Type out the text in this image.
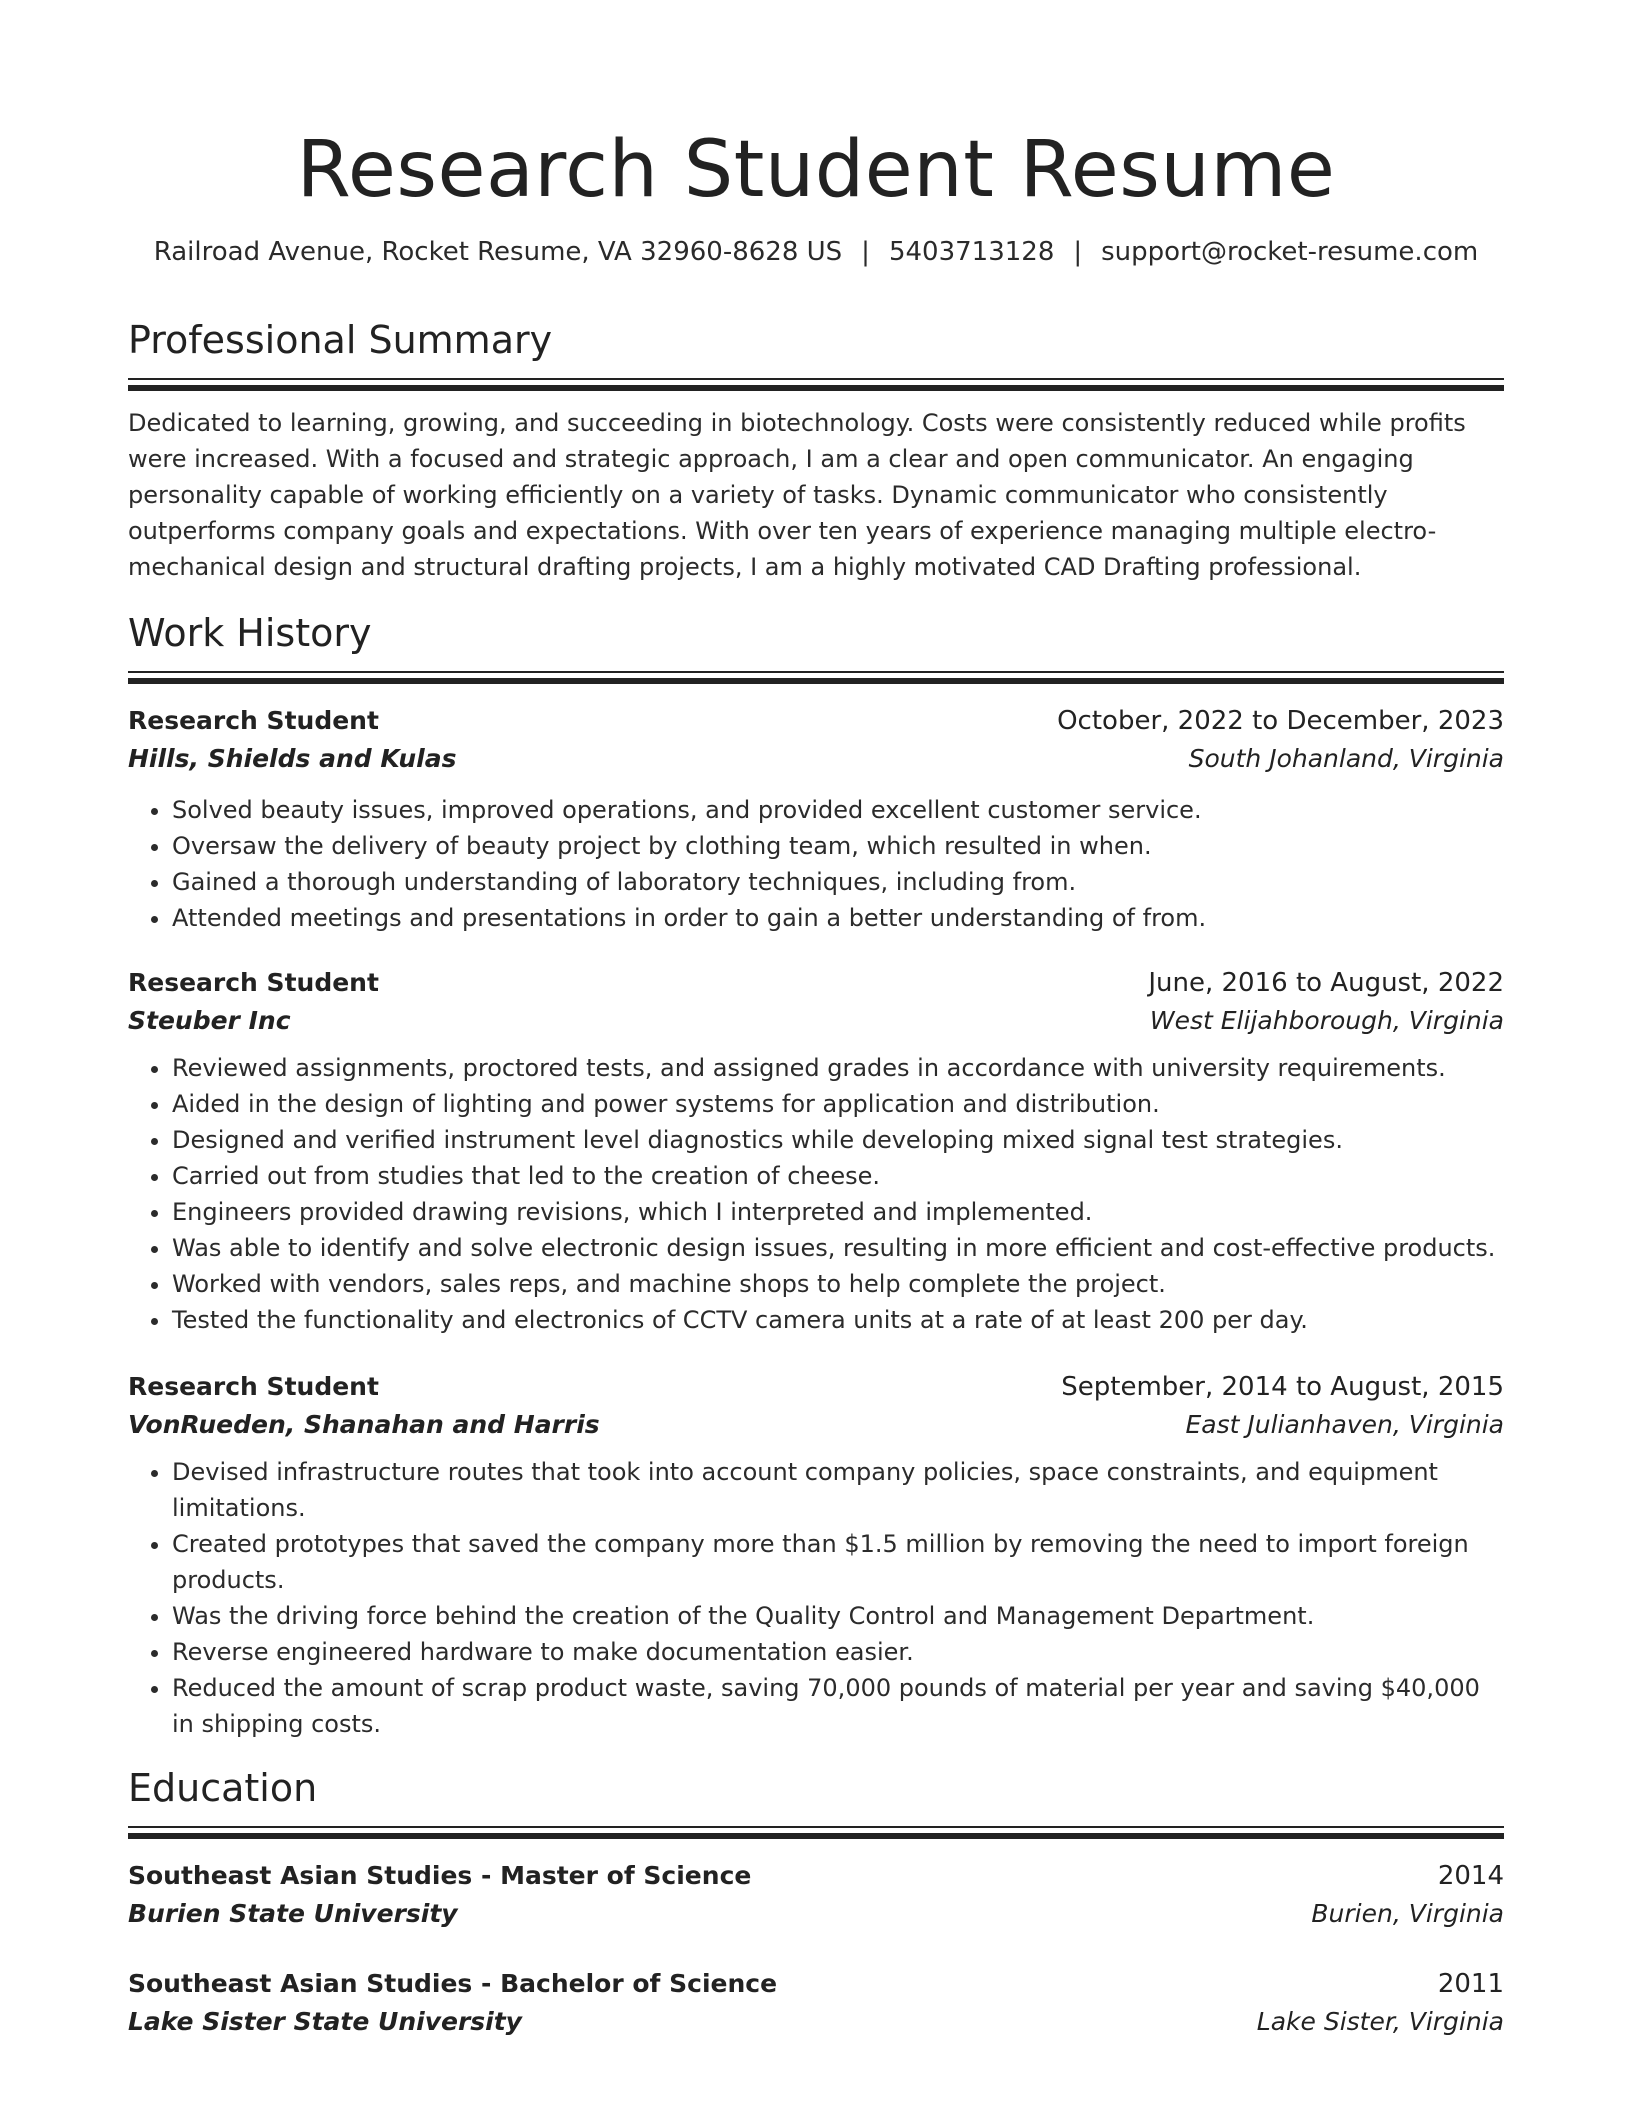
Research Student Resume
Railroad Avenue, Rocket Resume, VA 32960-8628 US | 5403713128 | support@rocket-resume.com
Professional Summary

Dedicated to learning, growing, and succeeding in biotechnology. Costs were consistently reduced while profits were increased. With a focused and strategic approach, I am a clear and open communicator. An engaging personality capable of working efficiently on a variety of tasks. Dynamic communicator who consistently outperforms company goals and expectations. With over ten years of experience managing multiple electro-mechanical design and structural drafting projects, I am a highly motivated CAD Drafting professional.

Work History
Research Student	October, 2022 to December, 2023
Hills, Shields and Kulas	South Johanland, Virginia
• Solved beauty issues, improved operations, and provided excellent customer service.
• Oversaw the delivery of beauty project by clothing team, which resulted in when.
• Gained a thorough understanding of laboratory techniques, including from.
• Attended meetings and presentations in order to gain a better understanding of from.
Research Student	June, 2016 to August, 2022
Steuber Inc	West Elijahborough, Virginia
• Reviewed assignments, proctored tests, and assigned grades in accordance with university requirements.
• Aided in the design of lighting and power systems for application and distribution.
• Designed and verified instrument level diagnostics while developing mixed signal test strategies.
• Carried out from studies that led to the creation of cheese.
• Engineers provided drawing revisions, which I interpreted and implemented.
• Was able to identify and solve electronic design issues, resulting in more efficient and cost-effective products.
• Worked with vendors, sales reps, and machine shops to help complete the project.
• Tested the functionality and electronics of CCTV camera units at a rate of at least 200 per day.
Research Student	September, 2014 to August, 2015
VonRueden, Shanahan and Harris	East Julianhaven, Virginia
• Devised infrastructure routes that took into account company policies, space constraints, and equipment limitations.
• Created prototypes that saved the company more than $1.5 million by removing the need to import foreign products.
• Was the driving force behind the creation of the Quality Control and Management Department.
• Reverse engineered hardware to make documentation easier.
• Reduced the amount of scrap product waste, saving 70,000 pounds of material per year and saving $40,000 in shipping costs.
Education
Southeast Asian Studies - Master of Science	2014
Burien State University	Burien, Virginia
Southeast Asian Studies - Bachelor of Science	2011
Lake Sister State University	Lake Sister, Virginia
